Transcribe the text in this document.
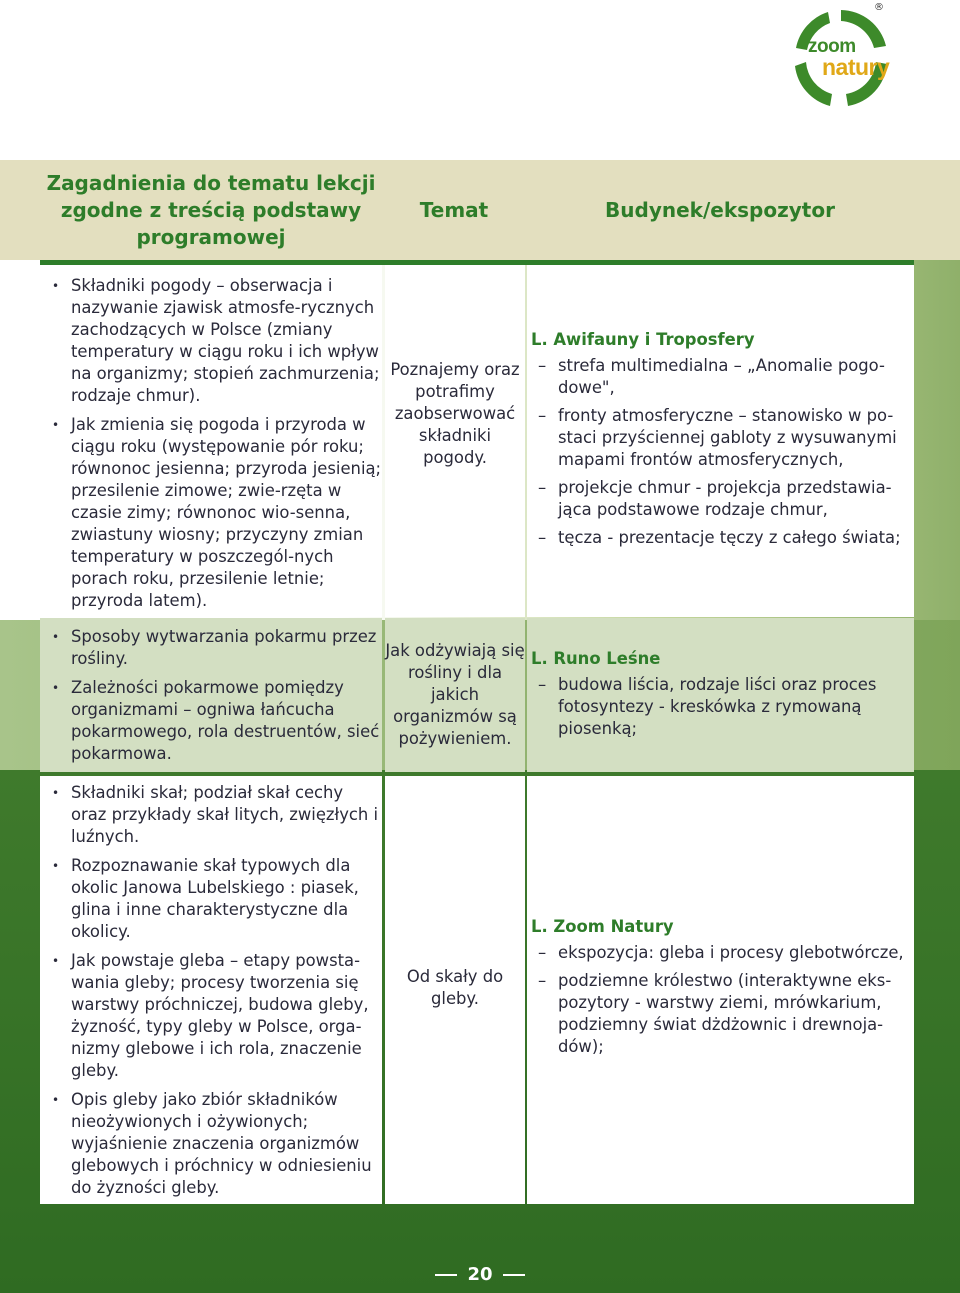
®
zoom
natury
Zagadnienia do tematu lekcji zgodne z treścią podstawy programowej
Temat	Budynek/ekspozytor
• Składniki pogody – obserwacja i nazywanie zjawisk atmosfe-rycznych zachodzących w Polsce (zmiany temperatury w ciągu roku i ich wpływ na organizmy; stopień zachmurzenia; rodzaje chmur).
• Jak zmienia się pogoda i przyroda w ciągu roku (występowanie pór roku; równonoc jesienna; przyroda jesienią; przesilenie zimowe; zwie-rzęta w czasie zimy; równonoc wio-senna, zwiastuny wiosny; przyczyny zmian temperatury w poszczegól-nych porach roku, przesilenie letnie; przyroda latem).
Poznajemy oraz potrafimy zaobserwować składniki pogody.
L. Awifauny i Troposfery
– strefa multimedialna – „Anomalie pogo-dowe",
– fronty atmosferyczne – stanowisko w po-staci przyściennej gabloty z wysuwanymi mapami frontów atmosferycznych,
– projekcje chmur - projekcja przedstawia-jąca podstawowe rodzaje chmur,
– tęcza - prezentacje tęczy z całego świata;
• Sposoby wytwarzania pokarmu przez rośliny.
• Zależności pokarmowe pomiędzy organizmami – ogniwa łańcucha pokarmowego, rola destruentów, sieć pokarmowa.
Jak odżywiają się rośliny i dla jakich organizmów są pożywieniem.
L. Runo Leśne
– budowa liścia, rodzaje liści oraz proces fotosyntezy - kreskówka z rymowaną piosenką;
• Składniki skał; podział skał cechy oraz przykłady skał litych, zwięzłych i luźnych.
• Rozpoznawanie skał typowych dla okolic Janowa Lubelskiego : piasek, glina i inne charakterystyczne dla okolicy.
• Jak powstaje gleba – etapy powsta-wania gleby; procesy tworzenia się warstwy próchniczej, budowa gleby, żyzność, typy gleby w Polsce, orga-nizmy glebowe i ich rola, znaczenie gleby.
• Opis gleby jako zbiór składników nieożywionych i ożywionych; wyjaśnienie znaczenia organizmów glebowych i próchnicy w odniesieniu do żyzności gleby.
Od skały do gleby.
L. Zoom Natury
– ekspozycja: gleba i procesy glebotwórcze,
– podziemne królestwo (interaktywne eks-pozytory - warstwy ziemi, mrówkarium, podziemny świat dżdżownic i drewnoja-dów);
20
